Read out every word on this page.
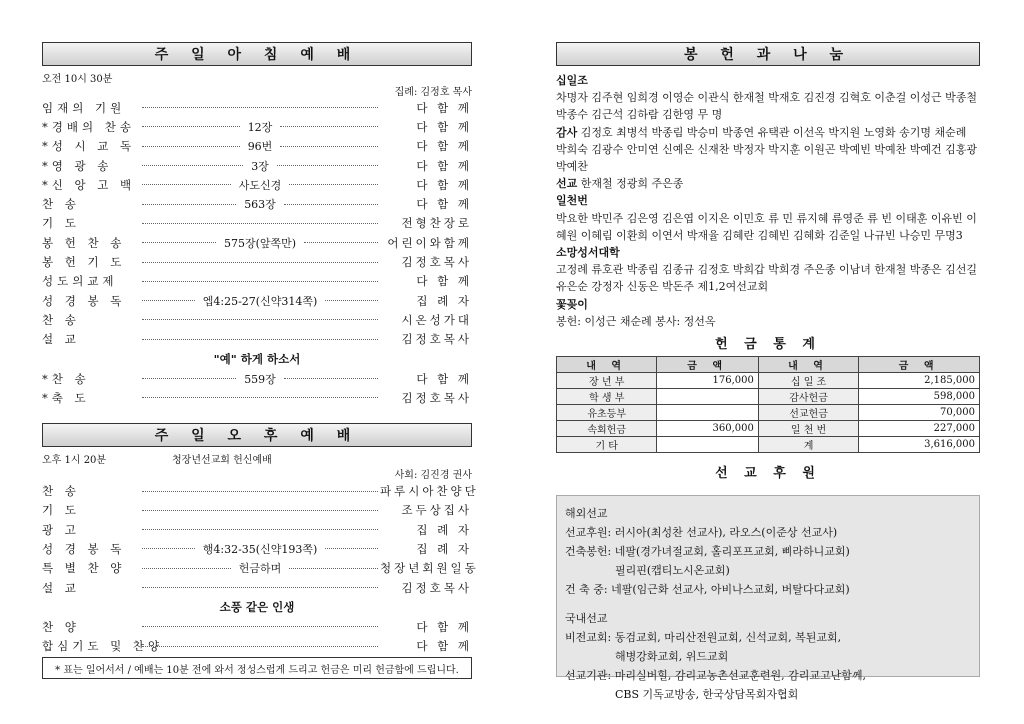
주 일 아 침 예 배
오전 10시 30분
집례: 김정호 목사
임재의 기원	다 함 께
*경배의 찬송	12장	다 함 께
*성 시 교 독	96번	다 함 께
*영 광 송	3장	다 함 께
*신 앙 고 백	사도신경	다 함 께
찬 송	563장	다 함 께
기 도	전형찬장로
봉 헌 찬 송	575장(앞쪽만)	어린이와함께
봉 헌 기 도	김정호목사
성도의교제	다 함 께
성 경 봉 독	엡4:25-27(신약314쪽)	집 례 자
찬 송	시온성가대
설 교	김정호목사
"예" 하게 하소서
*찬 송	559장	다 함 께
*축 도	김정호목사
주 일 오 후 예 배
오후 1시 20분	청장년선교회 헌신예배
사회: 김진경 권사
찬 송	파루시아찬양단
기 도	조두상집사
광 고	집 례 자
성 경 봉 독	행4:32-35(신약193쪽)	집 례 자
특 별 찬 양	헌금하며	청장년회원일동
설 교	김정호목사
소풍 같은 인생
찬 양	다 함 께
합심기도 및 찬양	다 함 께
* 표는 일어서서 / 예배는 10분 전에 와서 정성스럽게 드리고 헌금은 미리 헌금함에 드립니다.
봉 헌 과 나 눔

십일조

차명자 김주현 임희경 이영순 이관식 한재철 박재호 김진경 김혁호 이춘걸 이성근 박종철 박종수 김근석 김하람 김한영 무 명

감사 김정호 최병석 박종림 박승미 박종연 유택관 이선옥 박지원 노영화 송기명 채순례 박희숙 김광수 안미연 신예은 신재찬 박정자 박지훈 이원곤 박예빈 박예찬 박예건 김홍광 박예찬

선교 한재철 정광희 주은종

일천번

박요한 박민주 김은영 김은엽 이지은 이민호 류 민 류지혜 류영준 류 빈 이태훈 이유빈 이혜원 이혜림 이환희 이연서 박재율 김혜란 김혜빈 김혜화 김준일 나규빈 나승민 무명3

소망성서대학

고정례 류호관 박종림 김종규 김정호 박희갑 박희경 주은종 이남녀 한재철 박종은 김선길 유은순 강정자 신동은 박돈주 제1,2여선교회

꽃꽂이

봉헌: 이성근 채순례 봉사: 정선옥

헌 금 통 계
내 역	금 액	내 역	금 액
장 년 부	176,000	십 일 조	2,185,000
학 생 부		감사헌금	598,000
유초등부		선교헌금	70,000
속회헌금	360,000	일 천 번	227,000
기 타		계	3,616,000
선 교 후 원
해외선교
선교후원: 러시아(최성찬 선교사), 라오스(이준상 선교사)
건축봉헌: 네팔(경가녀절교회, 홀리포프교회, 삐라하니교회)
필리핀(캡티노시온교회)
건 축 중: 네팔(임근화 선교사, 아비나스교회, 버탈다다교회)
국내선교
비전교회: 동검교회, 마리산전원교회, 신석교회, 복된교회,
해병강화교회, 위드교회
선교기관: 마리실버힐, 감리교농촌선교훈련원, 감리교고난함께,
CBS 기독교방송, 한국상담목회자협회
